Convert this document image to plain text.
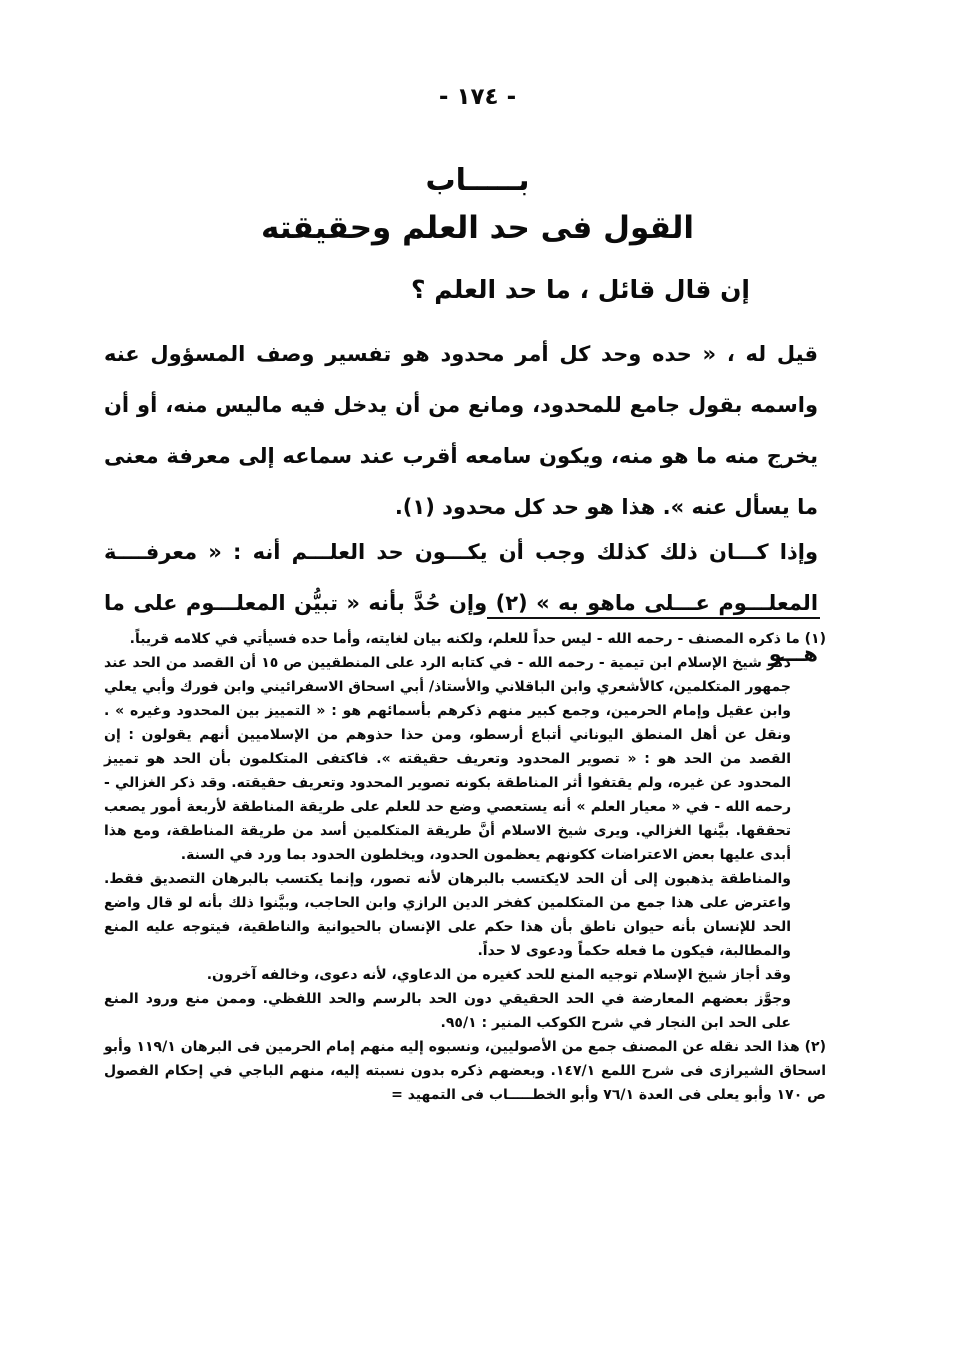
- ١٧٤ -
بـــــاب
القول فى حد العلم وحقيقته
إن قال قائل ، ما حد العلم ؟
قيل له ، « حده وحد كل أمر محدود هو تفسير وصف المسؤول عنه واسمه بقول جامع للمحدود، ومانع من أن يدخل فيه ماليس منه، أو أن يخرج منه ما هو منه، ويكون سامعه أقرب عند سماعه إلى معرفة معنى ما يسأل عنه ». هذا هو حد كل محدود (١).
وإذا كـــان ذلك كذلك وجب أن يكـــون حد العلـــم أنه : « معرفــــة المعلـــوم عـــلى ماهو به » (٢) وإن حُدَّ بأنه « تبيُّن المعلـــوم على ما هـــو

(١) ما ذكره المصنف - رحمه الله - ليس حداً للعلم، ولكنه بيان لغايته، وأما حده فسيأتي في كلامه قريباً.

ذكر شيخ الإسلام ابن تيمية - رحمه الله - في كتابه الرد على المنطقيين ص ١٥ أن القصد من الحد عند جمهور المتكلمين، كالأشعري وابن الباقلاني والأستاذ/ أبي اسحاق الاسفرائيني وابن فورك وأبي يعلي وابن عقيل وإمام الحرمين، وجمع كبير منهم ذكرهم بأسمائهم هو : « التمييز بين المحدود وغيره » . ونقل عن أهل المنطق اليوناني أتباع أرسطو، ومن حذا حذوهم من الإسلاميين أنهم يقولون : إن القصد من الحد هو : « تصوير المحدود وتعريف حقيقته ». فاكتفى المتكلمون بأن الحد هو تمييز المحدود عن غيره، ولم يقتفوا أثر المناطقة بكونه تصوير المحدود وتعريف حقيقته. وقد ذكر الغزالي - رحمه الله - في « معيار العلم » أنه يستعصي وضع حد للعلم على طريقة المناطقة لأربعة أمور يصعب تحققها. بيَّنها الغزالي. ويرى شيخ الاسلام أنَّ طريقة المتكلمين أسد من طريقة المناطقة، ومع هذا أبدى عليها بعض الاعتراضات ككونهم يعظمون الحدود، ويخلطون الحدود بما ورد في السنة.

والمناطقة يذهبون إلى أن الحد لايكتسب بالبرهان لأنه تصور، وإنما يكتسب بالبرهان التصديق فقط. واعترض على هذا جمع من المتكلمين كفخر الدين الرازي وابن الحاجب، وبيَّنوا ذلك بأنه لو قال واضع الحد للإنسان بأنه حيوان ناطق بأن هذا حكم على الإنسان بالحيوانية والناطقية، فيتوجه عليه المنع والمطالبة، فيكون ما فعله حكماً ودعوى لا حداً.

وقد أجاز شيخ الإسلام توجيه المنع للحد كغيره من الدعاوي، لأنه دعوى، وخالفه آخرون.

وجوَّز بعضهم المعارضة في الحد الحقيقي دون الحد بالرسم والحد اللفظي. وممن منع ورود المنع على الحد ابن النجار في شرح الكوكب المنير : ٩٥/١.

(٢) هذا الحد نقله عن المصنف جمع من الأصوليين، ونسبوه إليه منهم إمام الحرمين فى البرهان ١١٩/١ وأبو اسحاق الشيرازى فى شرح اللمع ١٤٧/١. وبعضهم ذكره بدون نسبته إليه، منهم الباجي في إحكام الفصول ص ١٧٠ وأبو يعلى فى العدة ٧٦/١ وأبو الخطـــــاب فى التمهيد =
